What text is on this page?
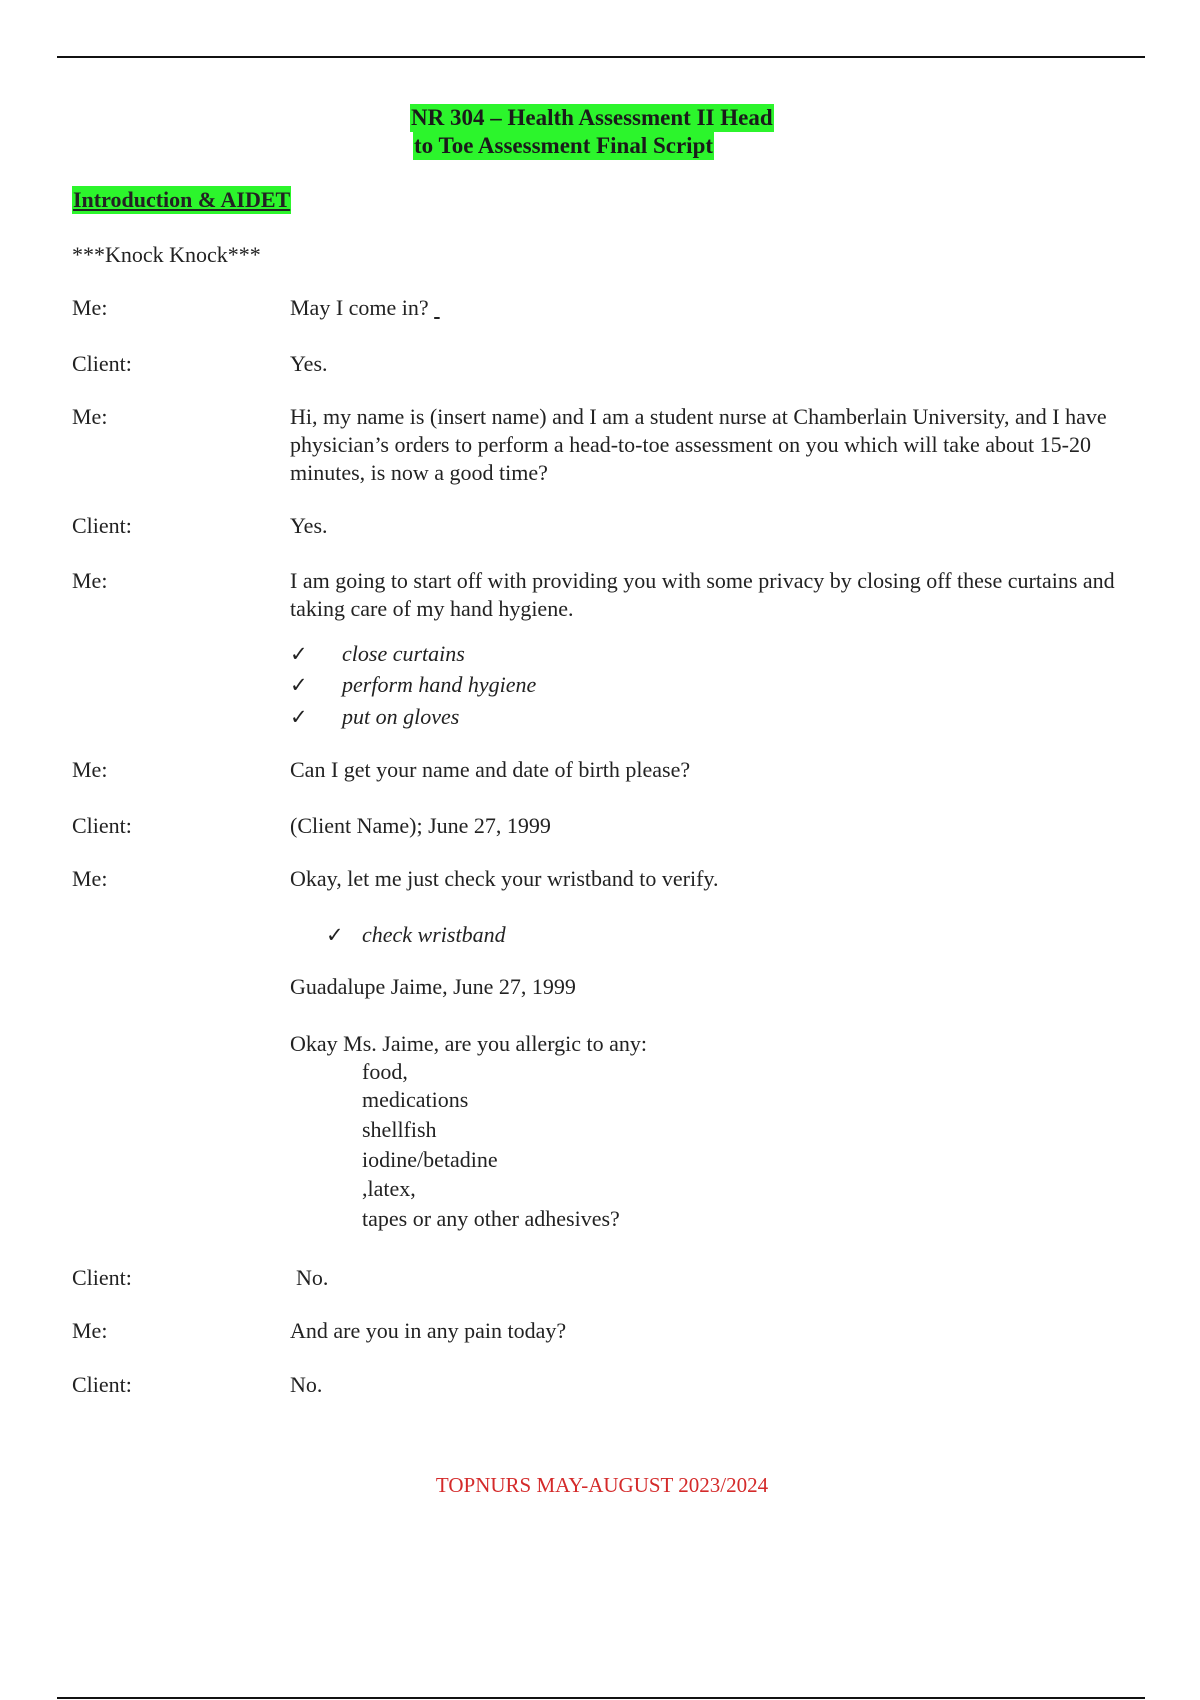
NR 304 – Health Assessment II Head
to Toe Assessment Final Script
Introduction & AIDET
***Knock Knock***
Me:	May I come in?
Client:	Yes.
Me:	Hi, my name is (insert name) and I am a student nurse at Chamberlain University, and I have physician’s orders to perform a head-to-toe assessment on you which will take about 15-20 minutes, is now a good time?
Client:	Yes.
Me:	I am going to start off with providing you with some privacy by closing off these curtains and taking care of my hand hygiene.
✓ close curtains
✓ perform hand hygiene
✓ put on gloves
Me:	Can I get your name and date of birth please?
Client:	(Client Name); June 27, 1999
Me:	Okay, let me just check your wristband to verify.
✓ check wristband
Guadalupe Jaime, June 27, 1999
Okay Ms. Jaime, are you allergic to any:
food,
medications
shellfish
iodine/betadine
,latex,
tapes or any other adhesives?
Client:	No.
Me:	And are you in any pain today?
Client:	No.
TOPNURS MAY-AUGUST 2023/2024
